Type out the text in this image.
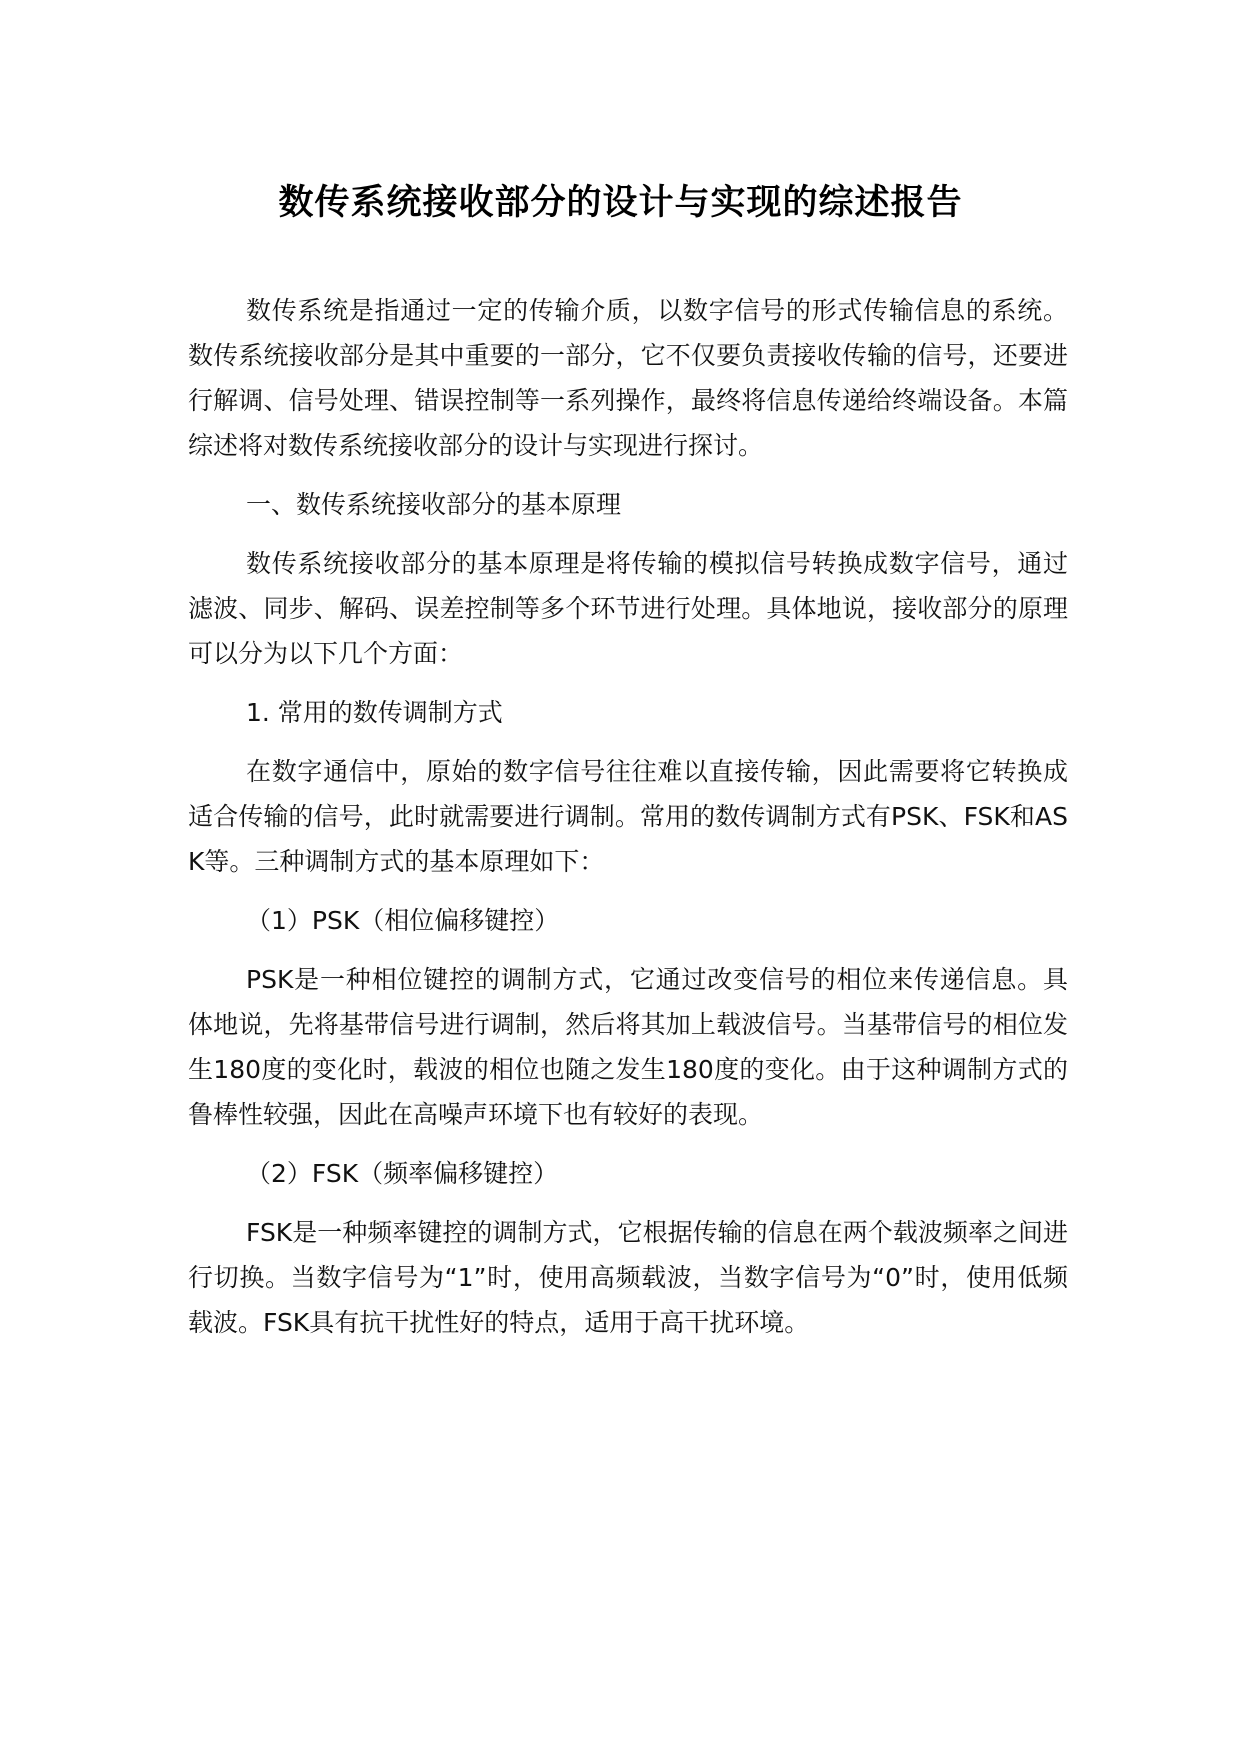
数传系统接收部分的设计与实现的综述报告

数传系统是指通过一定的传输介质，以数字信号的形式传输信息的系统。数传系统接收部分是其中重要的一部分，它不仅要负责接收传输的信号，还要进行解调、信号处理、错误控制等一系列操作，最终将信息传递给终端设备。本篇综述将对数传系统接收部分的设计与实现进行探讨。

一、数传系统接收部分的基本原理

数传系统接收部分的基本原理是将传输的模拟信号转换成数字信号，通过滤波、同步、解码、误差控制等多个环节进行处理。具体地说，接收部分的原理可以分为以下几个方面：

1. 常用的数传调制方式

在数字通信中，原始的数字信号往往难以直接传输，因此需要将它转换成适合传输的信号，此时就需要进行调制。常用的数传调制方式有PSK、FSK和ASK等。三种调制方式的基本原理如下：

（1）PSK（相位偏移键控）

PSK是一种相位键控的调制方式，它通过改变信号的相位来传递信息。具体地说，先将基带信号进行调制，然后将其加上载波信号。当基带信号的相位发生180度的变化时，载波的相位也随之发生180度的变化。由于这种调制方式的鲁棒性较强，因此在高噪声环境下也有较好的表现。

（2）FSK（频率偏移键控）

FSK是一种频率键控的调制方式，它根据传输的信息在两个载波频率之间进行切换。当数字信号为“1”时，使用高频载波，当数字信号为“0”时，使用低频载波。FSK具有抗干扰性好的特点，适用于高干扰环境。
